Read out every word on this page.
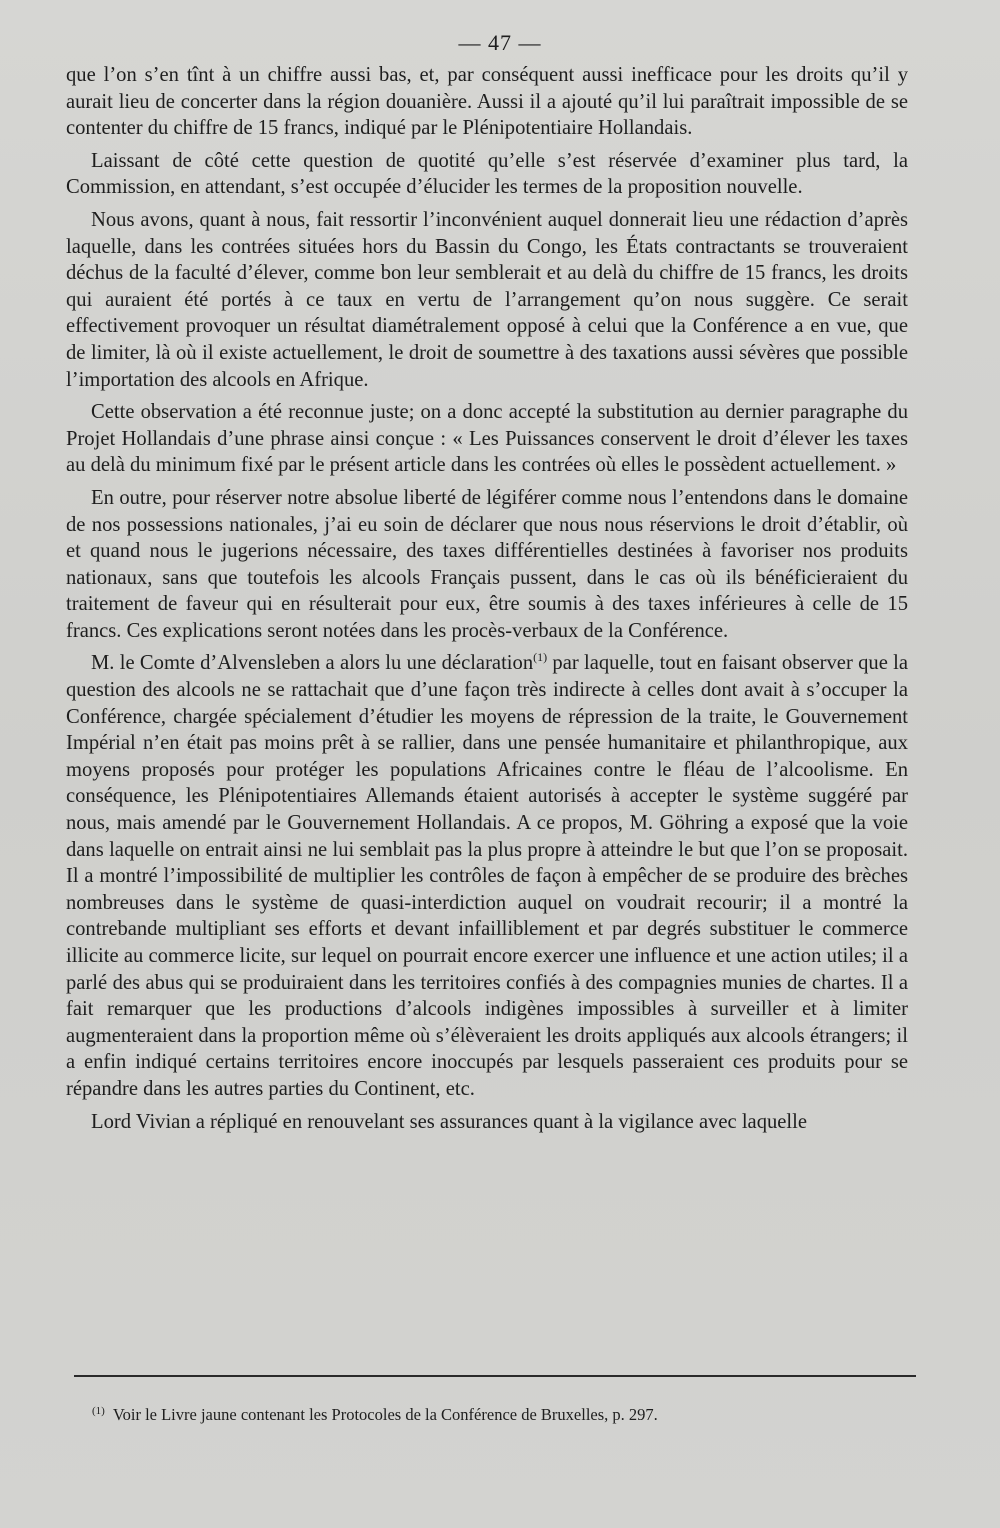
— 47 —

que l’on s’en tînt à un chiffre aussi bas, et, par conséquent aussi inefficace pour les droits qu’il y aurait lieu de concerter dans la région douanière. Aussi il a ajouté qu’il lui paraîtrait impossible de se contenter du chiffre de 15 francs, indiqué par le Plénipotentiaire Hollandais.

Laissant de côté cette question de quotité qu’elle s’est réservée d’examiner plus tard, la Commission, en attendant, s’est occupée d’élucider les termes de la proposition nouvelle.

Nous avons, quant à nous, fait ressortir l’inconvénient auquel donnerait lieu une rédaction d’après laquelle, dans les contrées situées hors du Bassin du Congo, les États contractants se trouveraient déchus de la faculté d’élever, comme bon leur semblerait et au delà du chiffre de 15 francs, les droits qui auraient été portés à ce taux en vertu de l’arrangement qu’on nous suggère. Ce serait effectivement provoquer un résultat diamétralement opposé à celui que la Conférence a en vue, que de limiter, là où il existe actuellement, le droit de soumettre à des taxations aussi sévères que possible l’importation des alcools en Afrique.

Cette observation a été reconnue juste; on a donc accepté la substitution au dernier paragraphe du Projet Hollandais d’une phrase ainsi conçue : « Les Puissances conservent le droit d’élever les taxes au delà du minimum fixé par le présent article dans les contrées où elles le possèdent actuellement. »

En outre, pour réserver notre absolue liberté de légiférer comme nous l’entendons dans le domaine de nos possessions nationales, j’ai eu soin de déclarer que nous nous réservions le droit d’établir, où et quand nous le jugerions nécessaire, des taxes différentielles destinées à favoriser nos produits nationaux, sans que toutefois les alcools Français pussent, dans le cas où ils bénéficieraient du traitement de faveur qui en résulterait pour eux, être soumis à des taxes inférieures à celle de 15 francs. Ces explications seront notées dans les procès-verbaux de la Conférence.

M. le Comte d’Alvensleben a alors lu une déclaration$^{(1)}$ par laquelle, tout en faisant observer que la question des alcools ne se rattachait que d’une façon très indirecte à celles dont avait à s’occuper la Conférence, chargée spécialement d’étudier les moyens de répression de la traite, le Gouvernement Impérial n’en était pas moins prêt à se rallier, dans une pensée humanitaire et philanthropique, aux moyens proposés pour protéger les populations Africaines contre le fléau de l’alcoolisme. En conséquence, les Plénipotentiaires Allemands étaient autorisés à accepter le système suggéré par nous, mais amendé par le Gouvernement Hollandais. A ce propos, M. Göhring a exposé que la voie dans laquelle on entrait ainsi ne lui semblait pas la plus propre à atteindre le but que l’on se proposait. Il a montré l’impossibilité de multiplier les contrôles de façon à empêcher de se produire des brèches nombreuses dans le système de quasi-interdiction auquel on voudrait recourir; il a montré la contrebande multipliant ses efforts et devant infailliblement et par degrés substituer le commerce illicite au commerce licite, sur lequel on pourrait encore exercer une influence et une action utiles; il a parlé des abus qui se produiraient dans les territoires confiés à des compagnies munies de chartes. Il a fait remarquer que les productions d’alcools indigènes impossibles à surveiller et à limiter augmenteraient dans la proportion même où s’élèveraient les droits appliqués aux alcools étrangers; il a enfin indiqué certains territoires encore inoccupés par lesquels passeraient ces produits pour se répandre dans les autres parties du Continent, etc.

Lord Vivian a répliqué en renouvelant ses assurances quant à la vigilance avec laquelle

$^{(1)}$ Voir le Livre jaune contenant les Protocoles de la Conférence de Bruxelles, p. 297.
